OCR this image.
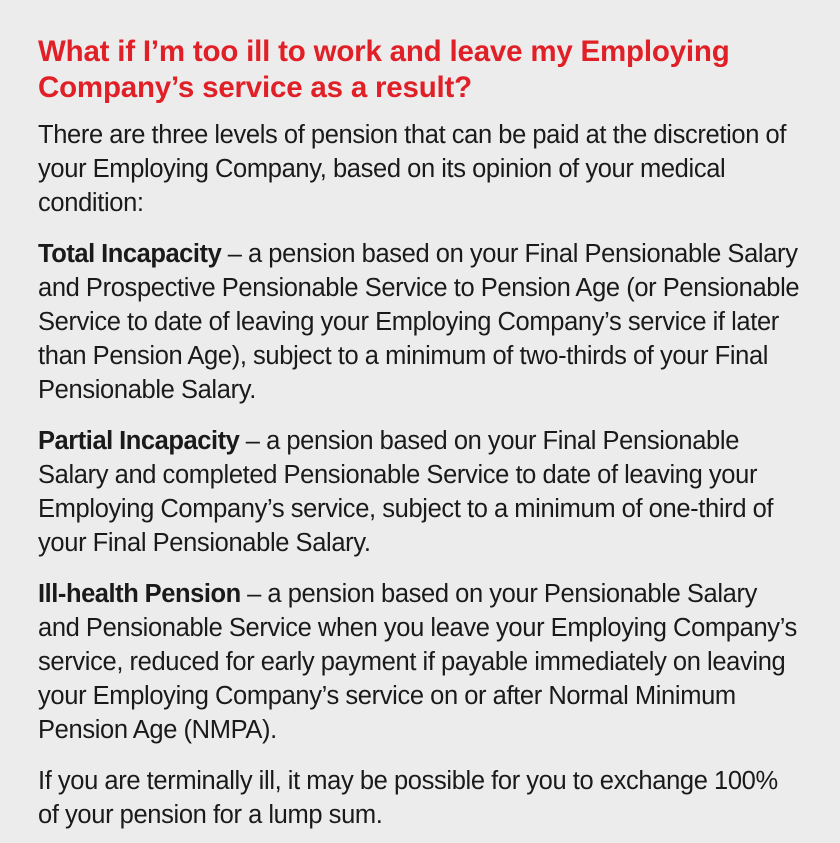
What if I’m too ill to work and leave my Employing Company’s service as a result?

There are three levels of pension that can be paid at the discretion of your Employing Company, based on its opinion of your medical condition:

Total Incapacity – a pension based on your Final Pensionable Salary and Prospective Pensionable Service to Pension Age (or Pensionable Service to date of leaving your Employing Company’s service if later than Pension Age), subject to a minimum of two-thirds of your Final Pensionable Salary.

Partial Incapacity – a pension based on your Final Pensionable Salary and completed Pensionable Service to date of leaving your Employing Company’s service, subject to a minimum of one-third of your Final Pensionable Salary.

Ill-health Pension – a pension based on your Pensionable Salary and Pensionable Service when you leave your Employing Company’s service, reduced for early payment if payable immediately on leaving your Employing Company’s service on or after Normal Minimum Pension Age (NMPA).

If you are terminally ill, it may be possible for you to exchange 100% of your pension for a lump sum.
